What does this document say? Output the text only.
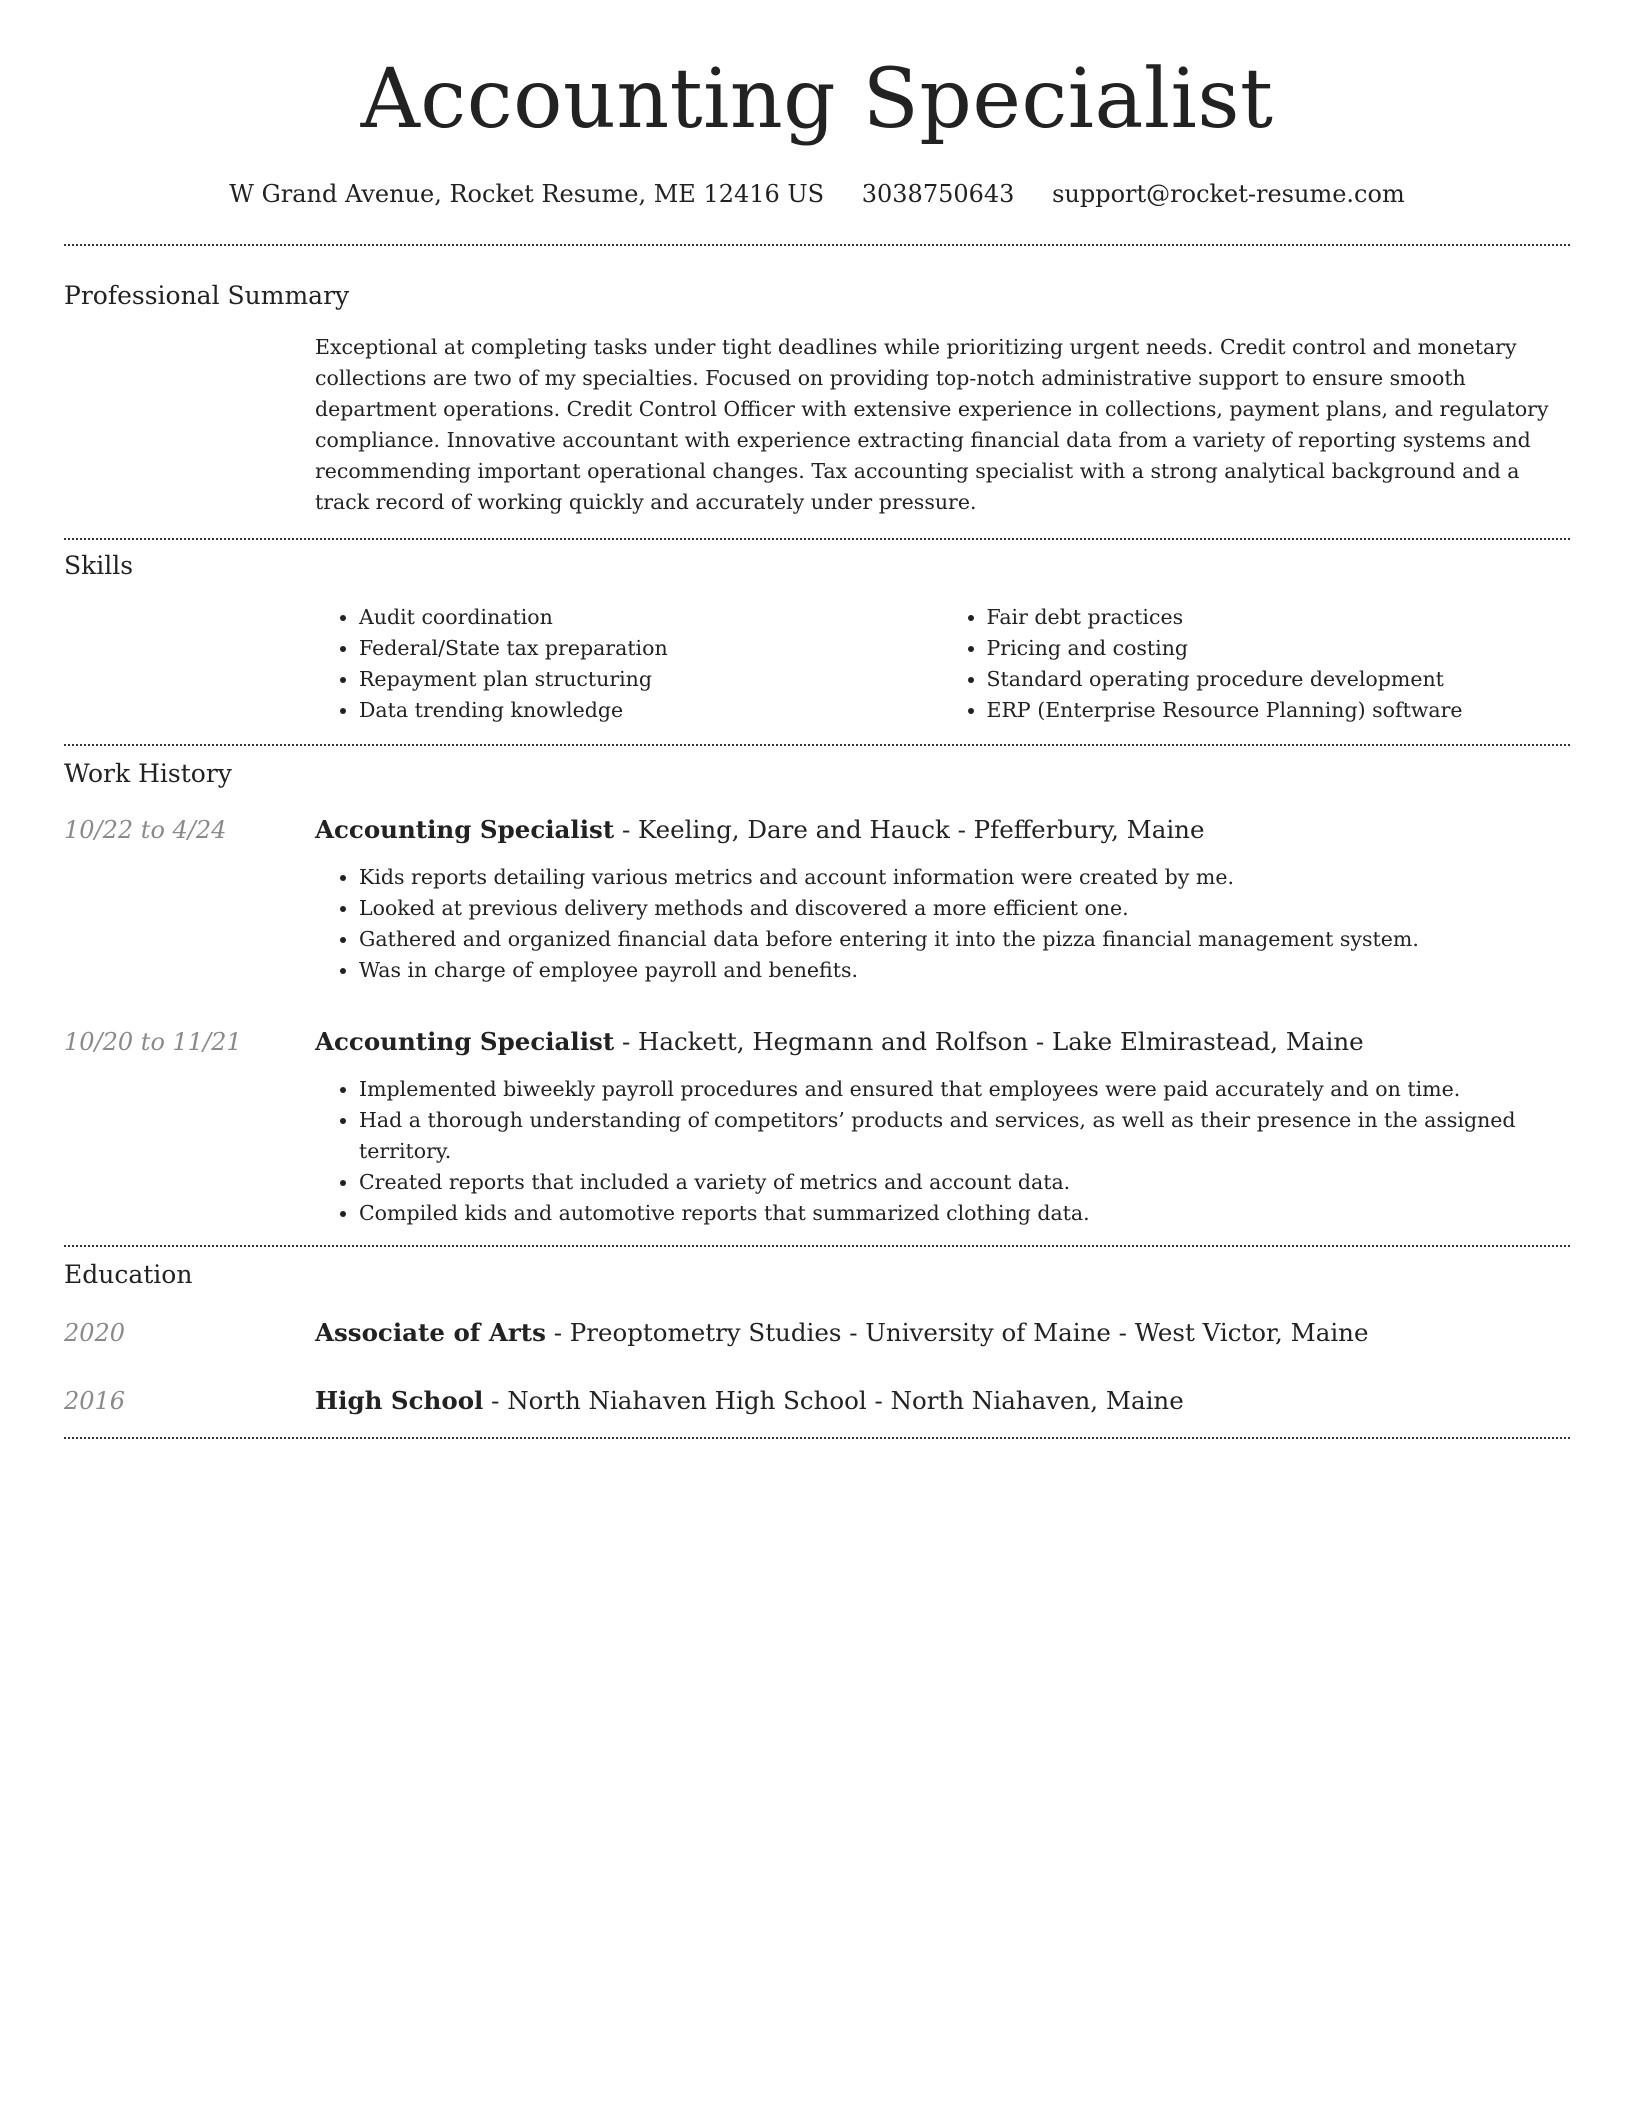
Accounting Specialist
W Grand Avenue, Rocket Resume, ME 12416 US 3038750643 support@rocket-resume.com
Professional Summary

Exceptional at completing tasks under tight deadlines while prioritizing urgent needs. Credit control and monetary collections are two of my specialties. Focused on providing top-notch administrative support to ensure smooth department operations. Credit Control Officer with extensive experience in collections, payment plans, and regulatory compliance. Innovative accountant with experience extracting financial data from a variety of reporting systems and recommending important operational changes. Tax accounting specialist with a strong analytical background and a track record of working quickly and accurately under pressure.

Skills
• Audit coordination
• Federal/State tax preparation
• Repayment plan structuring
• Data trending knowledge
• Fair debt practices
• Pricing and costing
• Standard operating procedure development
• ERP (Enterprise Resource Planning) software
Work History
10/22 to 4/24	Accounting Specialist - Keeling, Dare and Hauck - Pfefferbury, Maine

• Kids reports detailing various metrics and account information were created by me.
• Looked at previous delivery methods and discovered a more efficient one.
• Gathered and organized financial data before entering it into the pizza financial management system.
• Was in charge of employee payroll and benefits.
10/20 to 11/21	Accounting Specialist - Hackett, Hegmann and Rolfson - Lake Elmirastead, Maine

• Implemented biweekly payroll procedures and ensured that employees were paid accurately and on time.
• Had a thorough understanding of competitors’ products and services, as well as their presence in the assigned territory.
• Created reports that included a variety of metrics and account data.
• Compiled kids and automotive reports that summarized clothing data.
Education
2020	Associate of Arts - Preoptometry Studies - University of Maine - West Victor, Maine

2016	High School - North Niahaven High School - North Niahaven, Maine
